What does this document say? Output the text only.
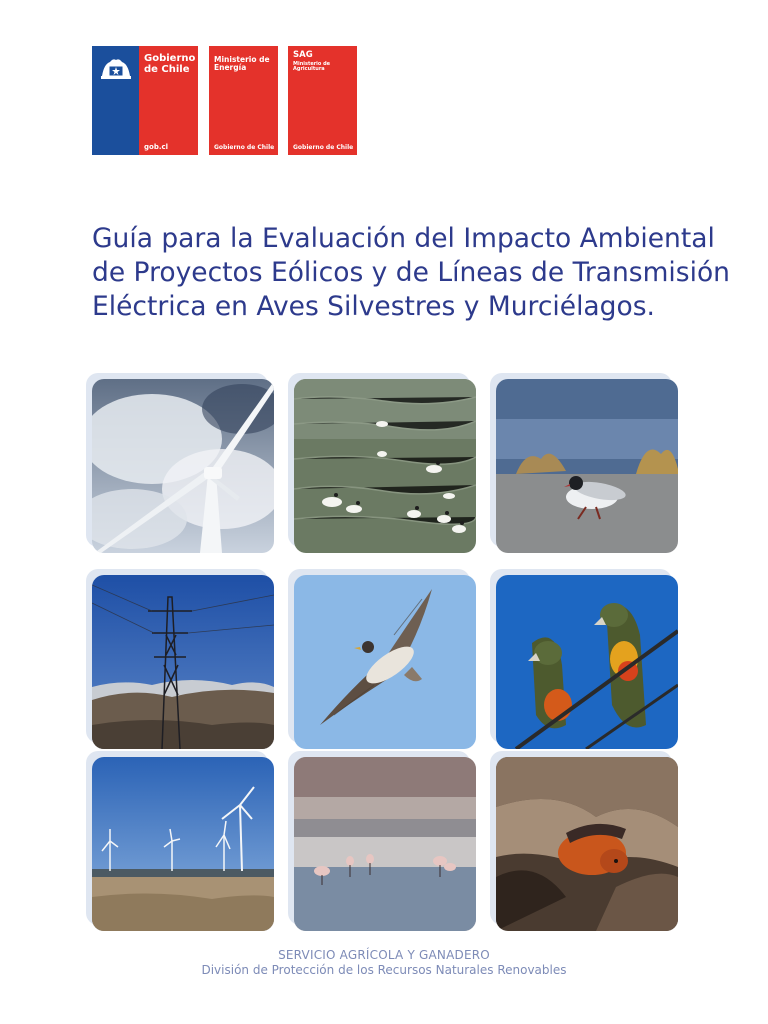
Gobierno
de Chile
gob.cl
Ministerio de
Energía
Gobierno de Chile
SAG
Ministerio de
Agricultura
Gobierno de Chile
Guía para la Evaluación del Impacto Ambiental
de Proyectos Eólicos y de Líneas de Transmisión
Eléctrica en Aves Silvestres y Murciélagos.
SERVICIO AGRÍCOLA Y GANADERO
División de Protección de los Recursos Naturales Renovables
